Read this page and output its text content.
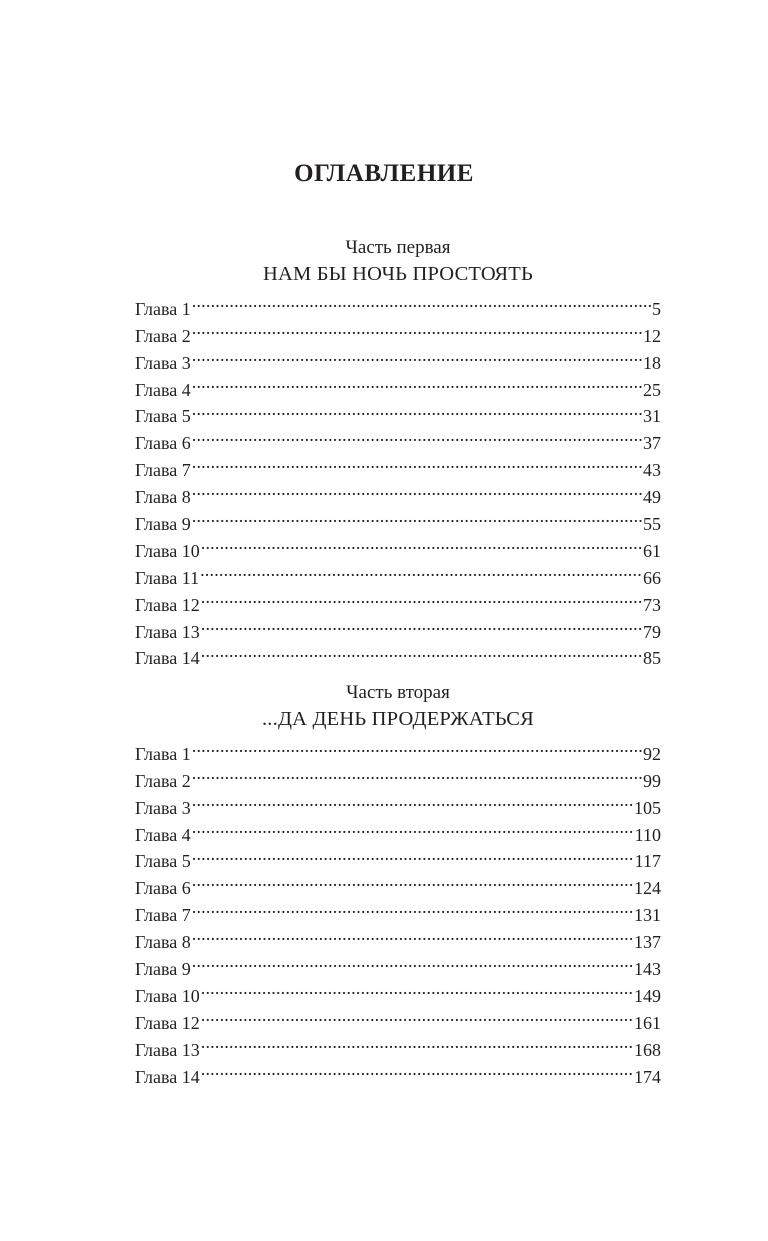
ОГЛАВЛЕНИЕ
Часть первая
НАМ БЫ НОЧЬ ПРОСТОЯТЬ
Глава 1 .....	5
Глава 2 .....	12
Глава 3 .....	18
Глава 4 .....	25
Глава 5 .....	31
Глава 6 .....	37
Глава 7 .....	43
Глава 8 .....	49
Глава 9 .....	55
Глава 10 .....	61
Глава 11 .....	66
Глава 12 .....	73
Глава 13 .....	79
Глава 14 .....	85
Часть вторая
...ДА ДЕНЬ ПРОДЕРЖАТЬСЯ
Глава 1 .....	92
Глава 2 .....	99
Глава 3 .....	105
Глава 4 .....	110
Глава 5 .....	117
Глава 6 .....	124
Глава 7 .....	131
Глава 8 .....	137
Глава 9 .....	143
Глава 10 .....	149
Глава 12 .....	161
Глава 13 .....	168
Глава 14 .....	174
